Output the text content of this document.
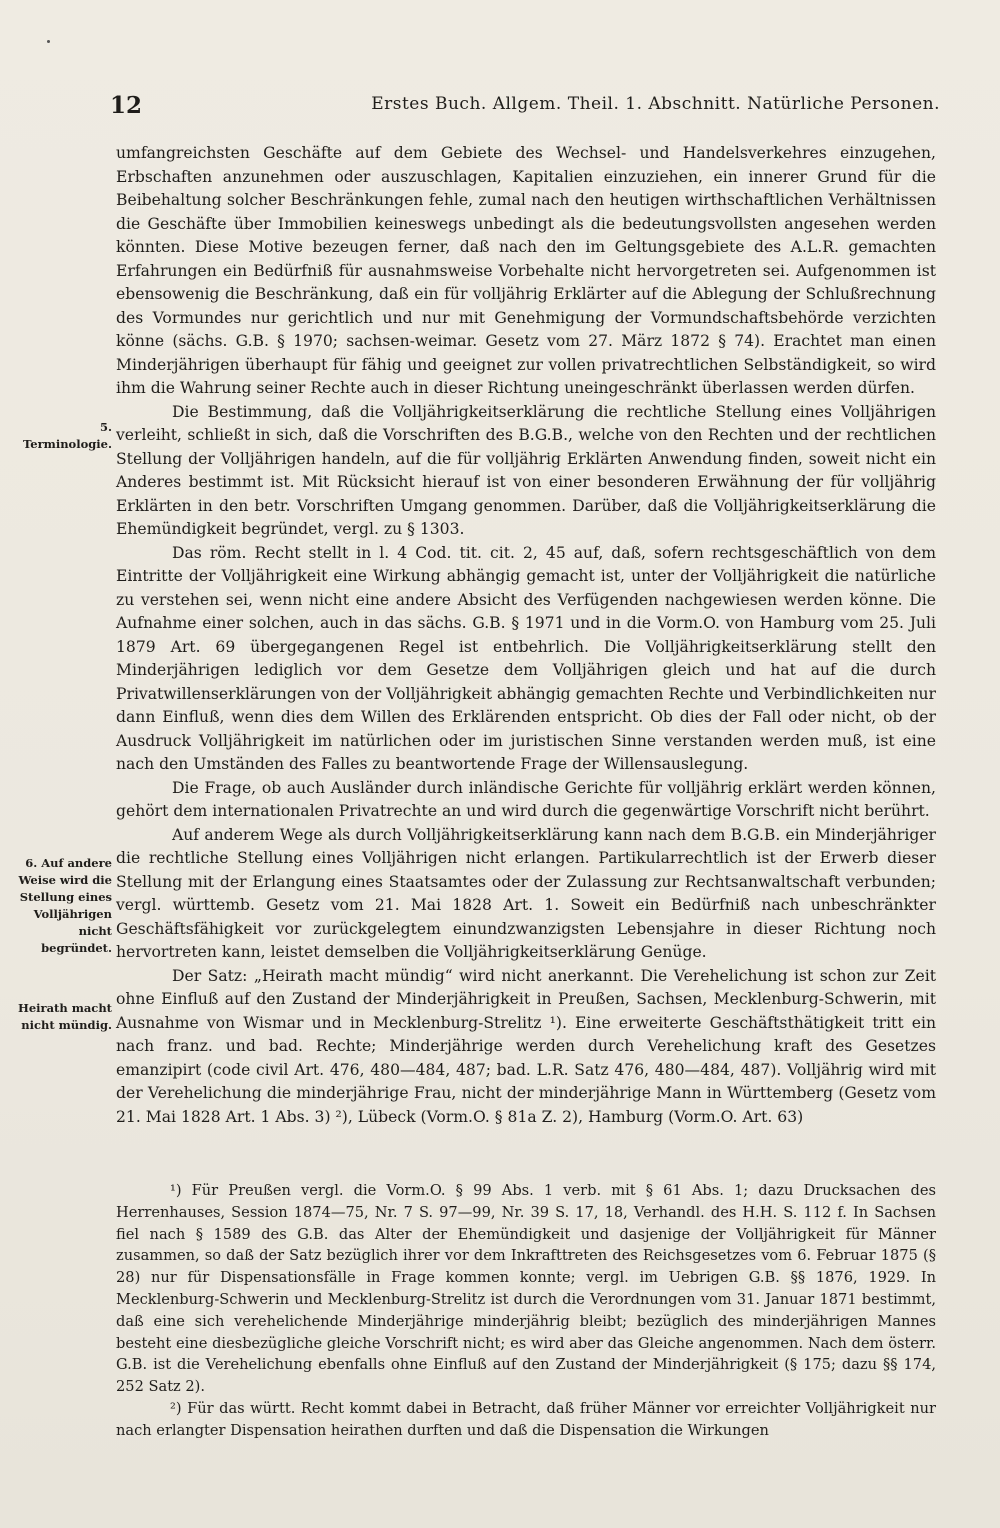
12	Erstes Buch. Allgem. Theil. 1. Abschnitt. Natürliche Personen.
5. Terminologie.
6. Auf andere Weise wird die Stellung eines Volljährigen nicht begründet.
Heirath macht nicht mündig.

umfangreichsten Geschäfte auf dem Gebiete des Wechsel- und Handelsverkehres einzugehen, Erbschaften anzunehmen oder auszuschlagen, Kapitalien einzuziehen, ein innerer Grund für die Beibehaltung solcher Beschränkungen fehle, zumal nach den heutigen wirthschaftlichen Verhältnissen die Geschäfte über Immobilien keineswegs unbedingt als die bedeutungsvollsten angesehen werden könnten. Diese Motive bezeugen ferner, daß nach den im Geltungsgebiete des A.L.R. gemachten Erfahrungen ein Bedürfniß für ausnahmsweise Vorbehalte nicht hervorgetreten sei. Aufgenommen ist ebensowenig die Beschränkung, daß ein für volljährig Erklärter auf die Ablegung der Schlußrechnung des Vormundes nur gerichtlich und nur mit Genehmigung der Vormundschaftsbehörde verzichten könne (sächs. G.B. § 1970; sachsen-weimar. Gesetz vom 27. März 1872 § 74). Erachtet man einen Minderjährigen überhaupt für fähig und geeignet zur vollen privatrechtlichen Selbständigkeit, so wird ihm die Wahrung seiner Rechte auch in dieser Richtung uneingeschränkt überlassen werden dürfen.

Die Bestimmung, daß die Volljährigkeitserklärung die rechtliche Stellung eines Volljährigen verleiht, schließt in sich, daß die Vorschriften des B.G.B., welche von den Rechten und der rechtlichen Stellung der Volljährigen handeln, auf die für volljährig Erklärten Anwendung finden, soweit nicht ein Anderes bestimmt ist. Mit Rücksicht hierauf ist von einer besonderen Erwähnung der für volljährig Erklärten in den betr. Vorschriften Umgang genommen. Darüber, daß die Volljährigkeitserklärung die Ehemündigkeit begründet, vergl. zu § 1303.

Das röm. Recht stellt in l. 4 Cod. tit. cit. 2, 45 auf, daß, sofern rechtsgeschäftlich von dem Eintritte der Volljährigkeit eine Wirkung abhängig gemacht ist, unter der Volljährigkeit die natürliche zu verstehen sei, wenn nicht eine andere Absicht des Verfügenden nachgewiesen werden könne. Die Aufnahme einer solchen, auch in das sächs. G.B. § 1971 und in die Vorm.O. von Hamburg vom 25. Juli 1879 Art. 69 übergegangenen Regel ist entbehrlich. Die Volljährigkeitserklärung stellt den Minderjährigen lediglich vor dem Gesetze dem Volljährigen gleich und hat auf die durch Privatwillenserklärungen von der Volljährigkeit abhängig gemachten Rechte und Verbindlichkeiten nur dann Einfluß, wenn dies dem Willen des Erklärenden entspricht. Ob dies der Fall oder nicht, ob der Ausdruck Volljährigkeit im natürlichen oder im juristischen Sinne verstanden werden muß, ist eine nach den Umständen des Falles zu beantwortende Frage der Willensauslegung.

Die Frage, ob auch Ausländer durch inländische Gerichte für volljährig erklärt werden können, gehört dem internationalen Privatrechte an und wird durch die gegenwärtige Vorschrift nicht berührt.

Auf anderem Wege als durch Volljährigkeitserklärung kann nach dem B.G.B. ein Minderjähriger die rechtliche Stellung eines Volljährigen nicht erlangen. Partikularrechtlich ist der Erwerb dieser Stellung mit der Erlangung eines Staatsamtes oder der Zulassung zur Rechtsanwaltschaft verbunden; vergl. württemb. Gesetz vom 21. Mai 1828 Art. 1. Soweit ein Bedürfniß nach unbeschränkter Geschäftsfähigkeit vor zurückgelegtem einundzwanzigsten Lebensjahre in dieser Richtung noch hervortreten kann, leistet demselben die Volljährigkeitserklärung Genüge.

Der Satz: „Heirath macht mündig“ wird nicht anerkannt. Die Verehelichung ist schon zur Zeit ohne Einfluß auf den Zustand der Minderjährigkeit in Preußen, Sachsen, Mecklenburg-Schwerin, mit Ausnahme von Wismar und in Mecklenburg-Strelitz ¹). Eine erweiterte Geschäftsthätigkeit tritt ein nach franz. und bad. Rechte; Minderjährige werden durch Verehelichung kraft des Gesetzes emanzipirt (code civil Art. 476, 480—484, 487; bad. L.R. Satz 476, 480—484, 487). Volljährig wird mit der Verehelichung die minderjährige Frau, nicht der minderjährige Mann in Württemberg (Gesetz vom 21. Mai 1828 Art. 1 Abs. 3) ²), Lübeck (Vorm.O. § 81a Z. 2), Hamburg (Vorm.O. Art. 63)

¹) Für Preußen vergl. die Vorm.O. § 99 Abs. 1 verb. mit § 61 Abs. 1; dazu Drucksachen des Herrenhauses, Session 1874—75, Nr. 7 S. 97—99, Nr. 39 S. 17, 18, Verhandl. des H.H. S. 112 f. In Sachsen fiel nach § 1589 des G.B. das Alter der Ehemündigkeit und dasjenige der Volljährigkeit für Männer zusammen, so daß der Satz bezüglich ihrer vor dem Inkrafttreten des Reichsgesetzes vom 6. Februar 1875 (§ 28) nur für Dispensationsfälle in Frage kommen konnte; vergl. im Uebrigen G.B. §§ 1876, 1929. In Mecklenburg-Schwerin und Mecklenburg-Strelitz ist durch die Verordnungen vom 31. Januar 1871 bestimmt, daß eine sich verehelichende Minderjährige minderjährig bleibt; bezüglich des minderjährigen Mannes besteht eine diesbezügliche gleiche Vorschrift nicht; es wird aber das Gleiche angenommen. Nach dem österr. G.B. ist die Verehelichung ebenfalls ohne Einfluß auf den Zustand der Minderjährigkeit (§ 175; dazu §§ 174, 252 Satz 2).

²) Für das württ. Recht kommt dabei in Betracht, daß früher Männer vor erreichter Volljährigkeit nur nach erlangter Dispensation heirathen durften und daß die Dispensation die Wirkungen
